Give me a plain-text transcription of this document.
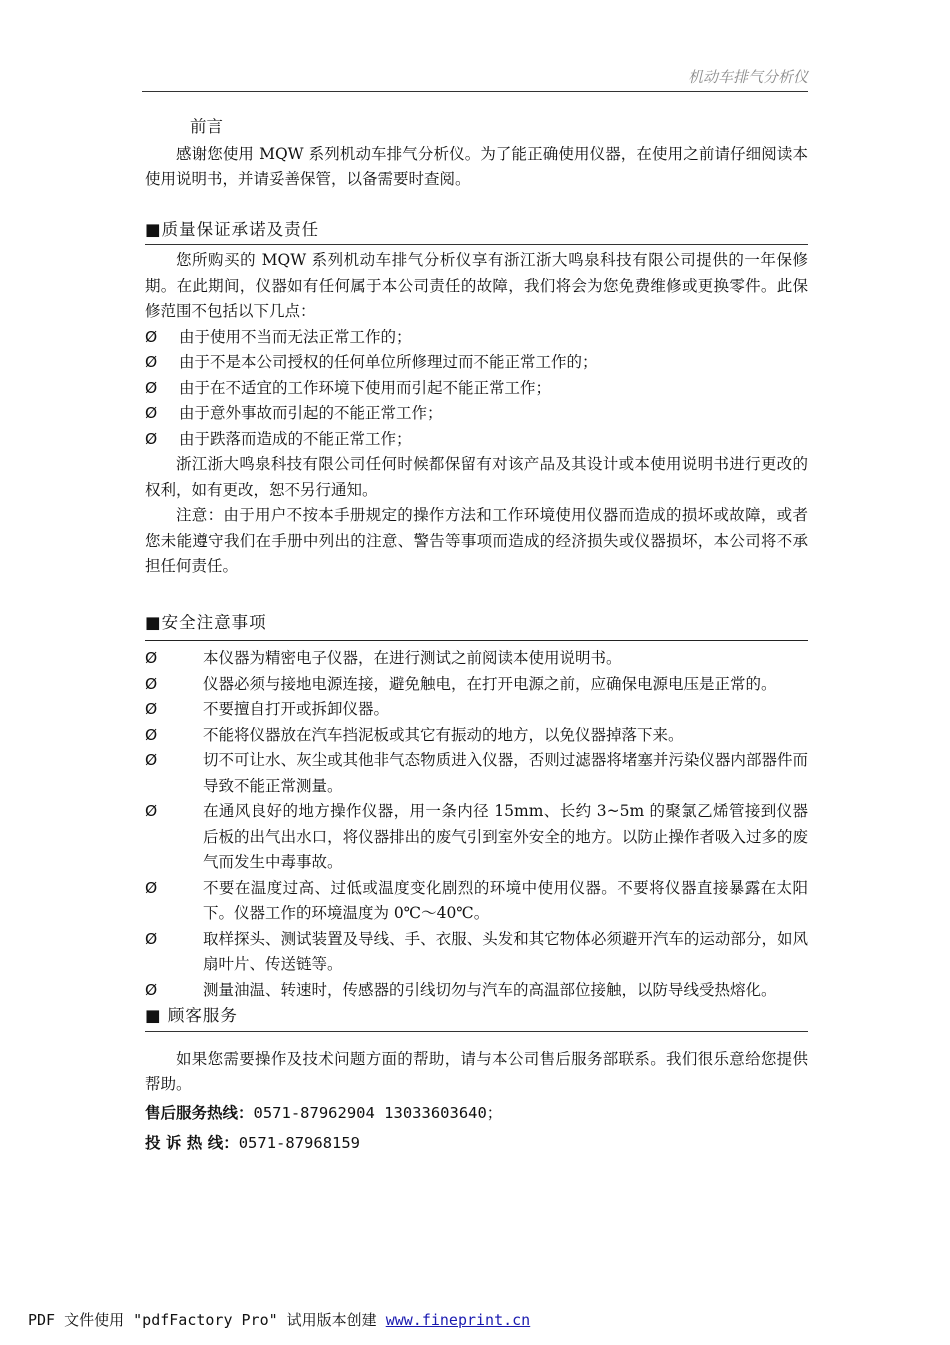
机动车排气分析仪
前言
感谢您使用 MQW 系列机动车排气分析仪。为了能正确使用仪器，在使用之前请仔细阅读本使用说明书，并请妥善保管，以备需要时查阅。
■质量保证承诺及责任
您所购买的 MQW 系列机动车排气分析仪享有浙江浙大鸣泉科技有限公司提供的一年保修期。在此期间，仪器如有任何属于本公司责任的故障，我们将会为您免费维修或更换零件。此保修范围不包括以下几点：
Ø	由于使用不当而无法正常工作的；
Ø	由于不是本公司授权的任何单位所修理过而不能正常工作的；
Ø	由于在不适宜的工作环境下使用而引起不能正常工作；
Ø	由于意外事故而引起的不能正常工作；
Ø	由于跌落而造成的不能正常工作；
浙江浙大鸣泉科技有限公司任何时候都保留有对该产品及其设计或本使用说明书进行更改的权利，如有更改，恕不另行通知。
注意：由于用户不按本手册规定的操作方法和工作环境使用仪器而造成的损坏或故障，或者您未能遵守我们在手册中列出的注意、警告等事项而造成的经济损失或仪器损坏，本公司将不承担任何责任。
■安全注意事项
Ø	本仪器为精密电子仪器，在进行测试之前阅读本使用说明书。
Ø	仪器必须与接地电源连接，避免触电，在打开电源之前，应确保电源电压是正常的。
Ø	不要擅自打开或拆卸仪器。
Ø	不能将仪器放在汽车挡泥板或其它有振动的地方，以免仪器掉落下来。
Ø	切不可让水、灰尘或其他非气态物质进入仪器，否则过滤器将堵塞并污染仪器内部器件而导致不能正常测量。
Ø	在通风良好的地方操作仪器，用一条内径 15mm、长约 3~5m 的聚氯乙烯管接到仪器后板的出气出水口，将仪器排出的废气引到室外安全的地方。以防止操作者吸入过多的废气而发生中毒事故。
Ø	不要在温度过高、过低或温度变化剧烈的环境中使用仪器。不要将仪器直接暴露在太阳下。仪器工作的环境温度为 0℃～40℃。
Ø	取样探头、测试装置及导线、手、衣服、头发和其它物体必须避开汽车的运动部分，如风扇叶片、传送链等。
Ø	测量油温、转速时，传感器的引线切勿与汽车的高温部位接触，以防导线受热熔化。
■ 顾客服务
如果您需要操作及技术问题方面的帮助，请与本公司售后服务部联系。我们很乐意给您提供帮助。
售后服务热线：0571-87962904 13033603640；
投 诉 热 线：0571-87968159
PDF 文件使用 "pdfFactory Pro" 试用版本创建 www.fineprint.cn
